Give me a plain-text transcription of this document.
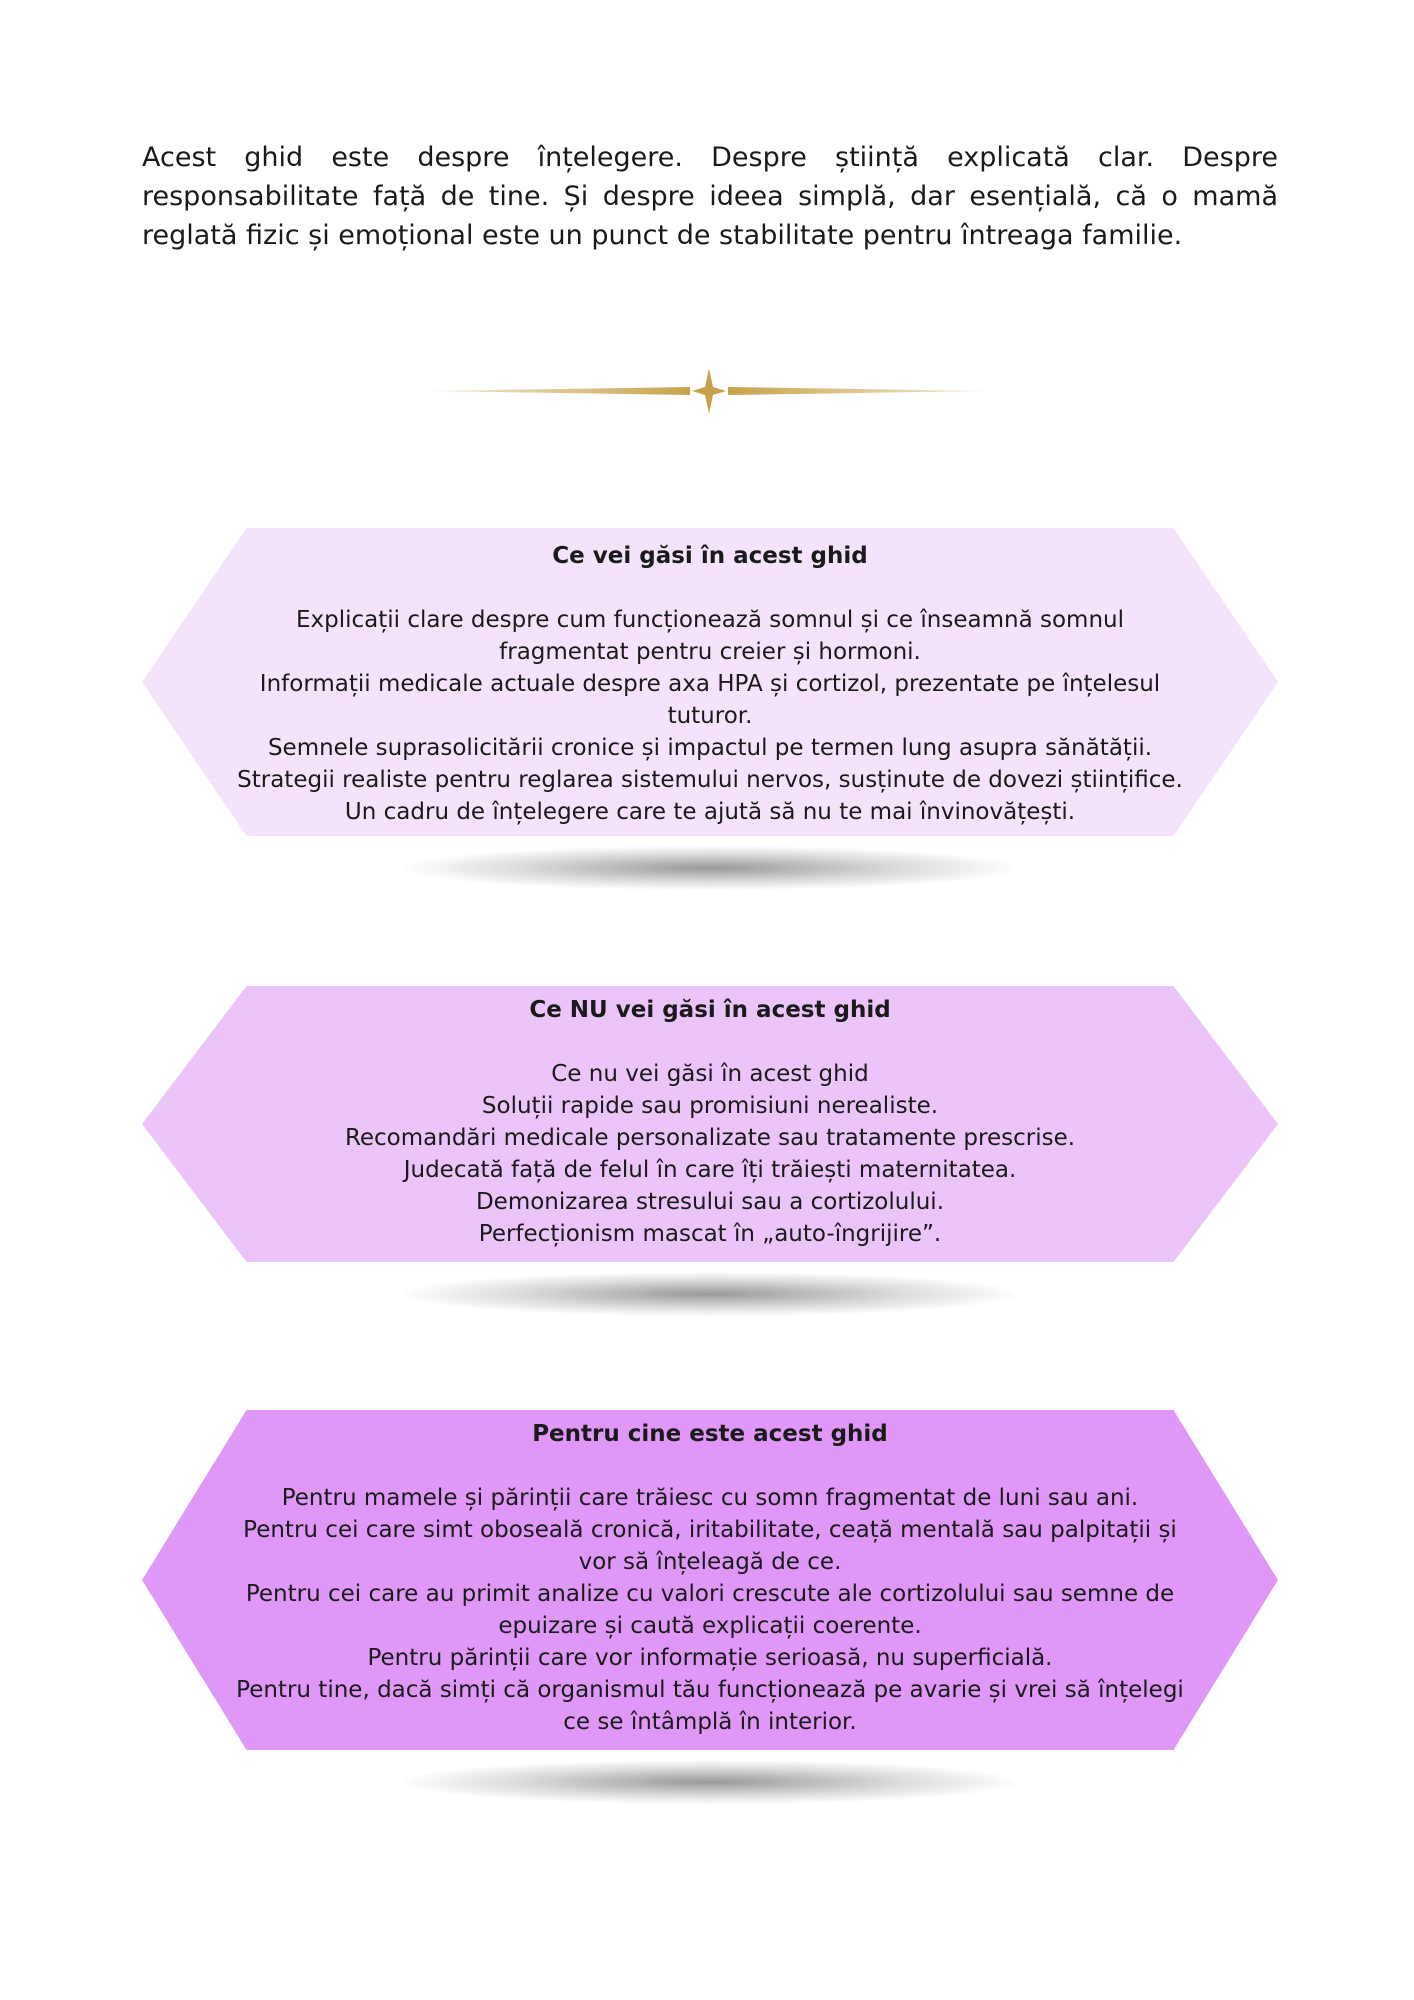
Acest ghid este despre înțelegere. Despre știință explicată clar. Despre responsabilitate față de tine. Și despre ideea simplă, dar esențială, că o mamă reglată fizic și emoțional este un punct de stabilitate pentru întreaga familie.

Ce vei găsi în acest ghid
Explicații clare despre cum funcționează somnul și ce înseamnă somnul fragmentat pentru creier și hormoni.
Informații medicale actuale despre axa HPA și cortizol, prezentate pe înțelesul tuturor.
Semnele suprasolicitării cronice și impactul pe termen lung asupra sănătății.
Strategii realiste pentru reglarea sistemului nervos, susținute de dovezi științifice.
Un cadru de înțelegere care te ajută să nu te mai învinovățești.
Ce NU vei găsi în acest ghid
Ce nu vei găsi în acest ghid
Soluții rapide sau promisiuni nerealiste.
Recomandări medicale personalizate sau tratamente prescrise.
Judecată față de felul în care îți trăiești maternitatea.
Demonizarea stresului sau a cortizolului.
Perfecționism mascat în „auto-îngrijire”.
Pentru cine este acest ghid
Pentru mamele și părinții care trăiesc cu somn fragmentat de luni sau ani.
Pentru cei care simt oboseală cronică, iritabilitate, ceață mentală sau palpitații și vor să înțeleagă de ce.
Pentru cei care au primit analize cu valori crescute ale cortizolului sau semne de epuizare și caută explicații coerente.
Pentru părinții care vor informație serioasă, nu superficială.
Pentru tine, dacă simți că organismul tău funcționează pe avarie și vrei să înțelegi ce se întâmplă în interior.
